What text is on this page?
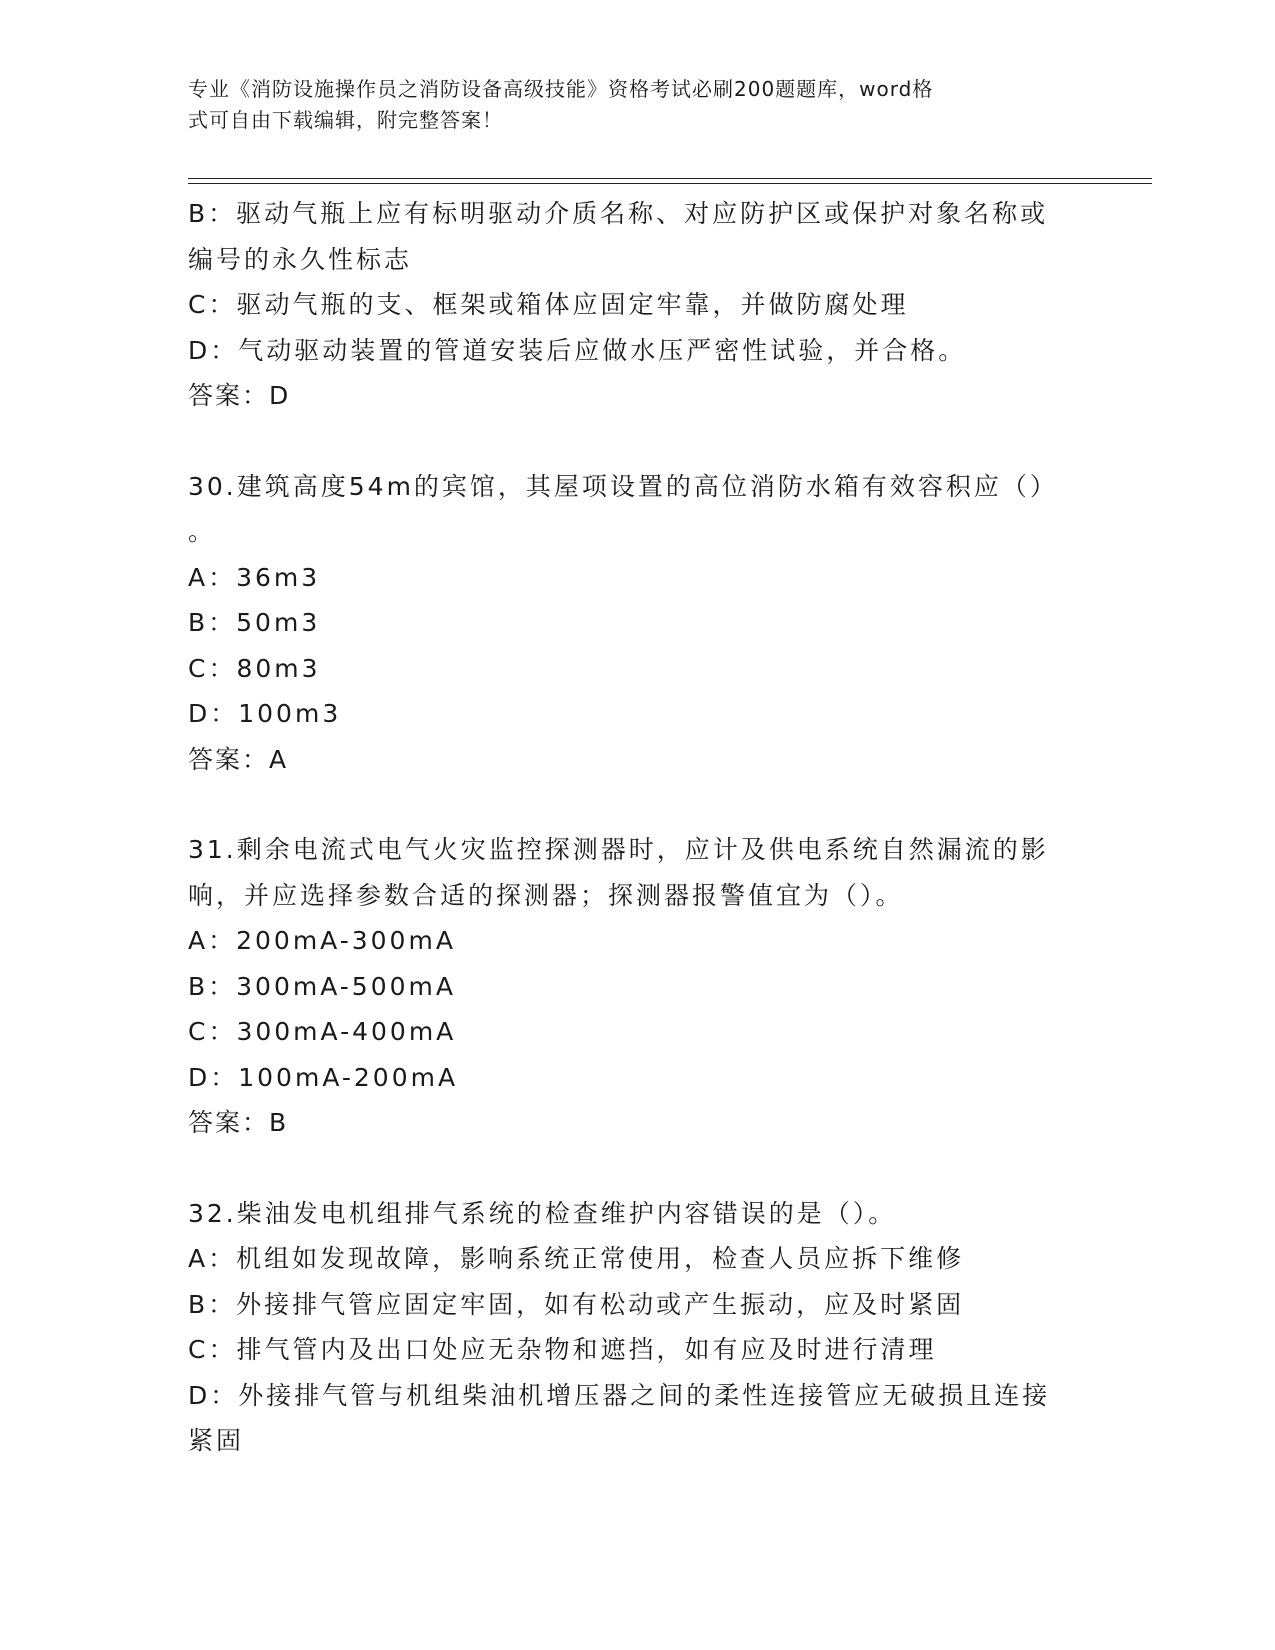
专业《消防设施操作员之消防设备高级技能》资格考试必刷200题题库，word格
式可自由下载编辑，附完整答案！
B：驱动气瓶上应有标明驱动介质名称、对应防护区或保护对象名称或
编号的永久性标志
C：驱动气瓶的支、框架或箱体应固定牢靠，并做防腐处理
D：气动驱动装置的管道安装后应做水压严密性试验，并合格。
答案：D
30.建筑高度54m的宾馆，其屋项设置的高位消防水箱有效容积应（）
。
A：36m3
B：50m3
C：80m3
D：100m3
答案：A
31.剩余电流式电气火灾监控探测器时，应计及供电系统自然漏流的影
响，并应选择参数合适的探测器；探测器报警值宜为（）。
A：200mA-300mA
B：300mA-500mA
C：300mA-400mA
D：100mA-200mA
答案：B
32.柴油发电机组排气系统的检查维护内容错误的是（）。
A：机组如发现故障，影响系统正常使用，检查人员应拆下维修
B：外接排气管应固定牢固，如有松动或产生振动，应及时紧固
C：排气管内及出口处应无杂物和遮挡，如有应及时进行清理
D：外接排气管与机组柴油机增压器之间的柔性连接管应无破损且连接
紧固
